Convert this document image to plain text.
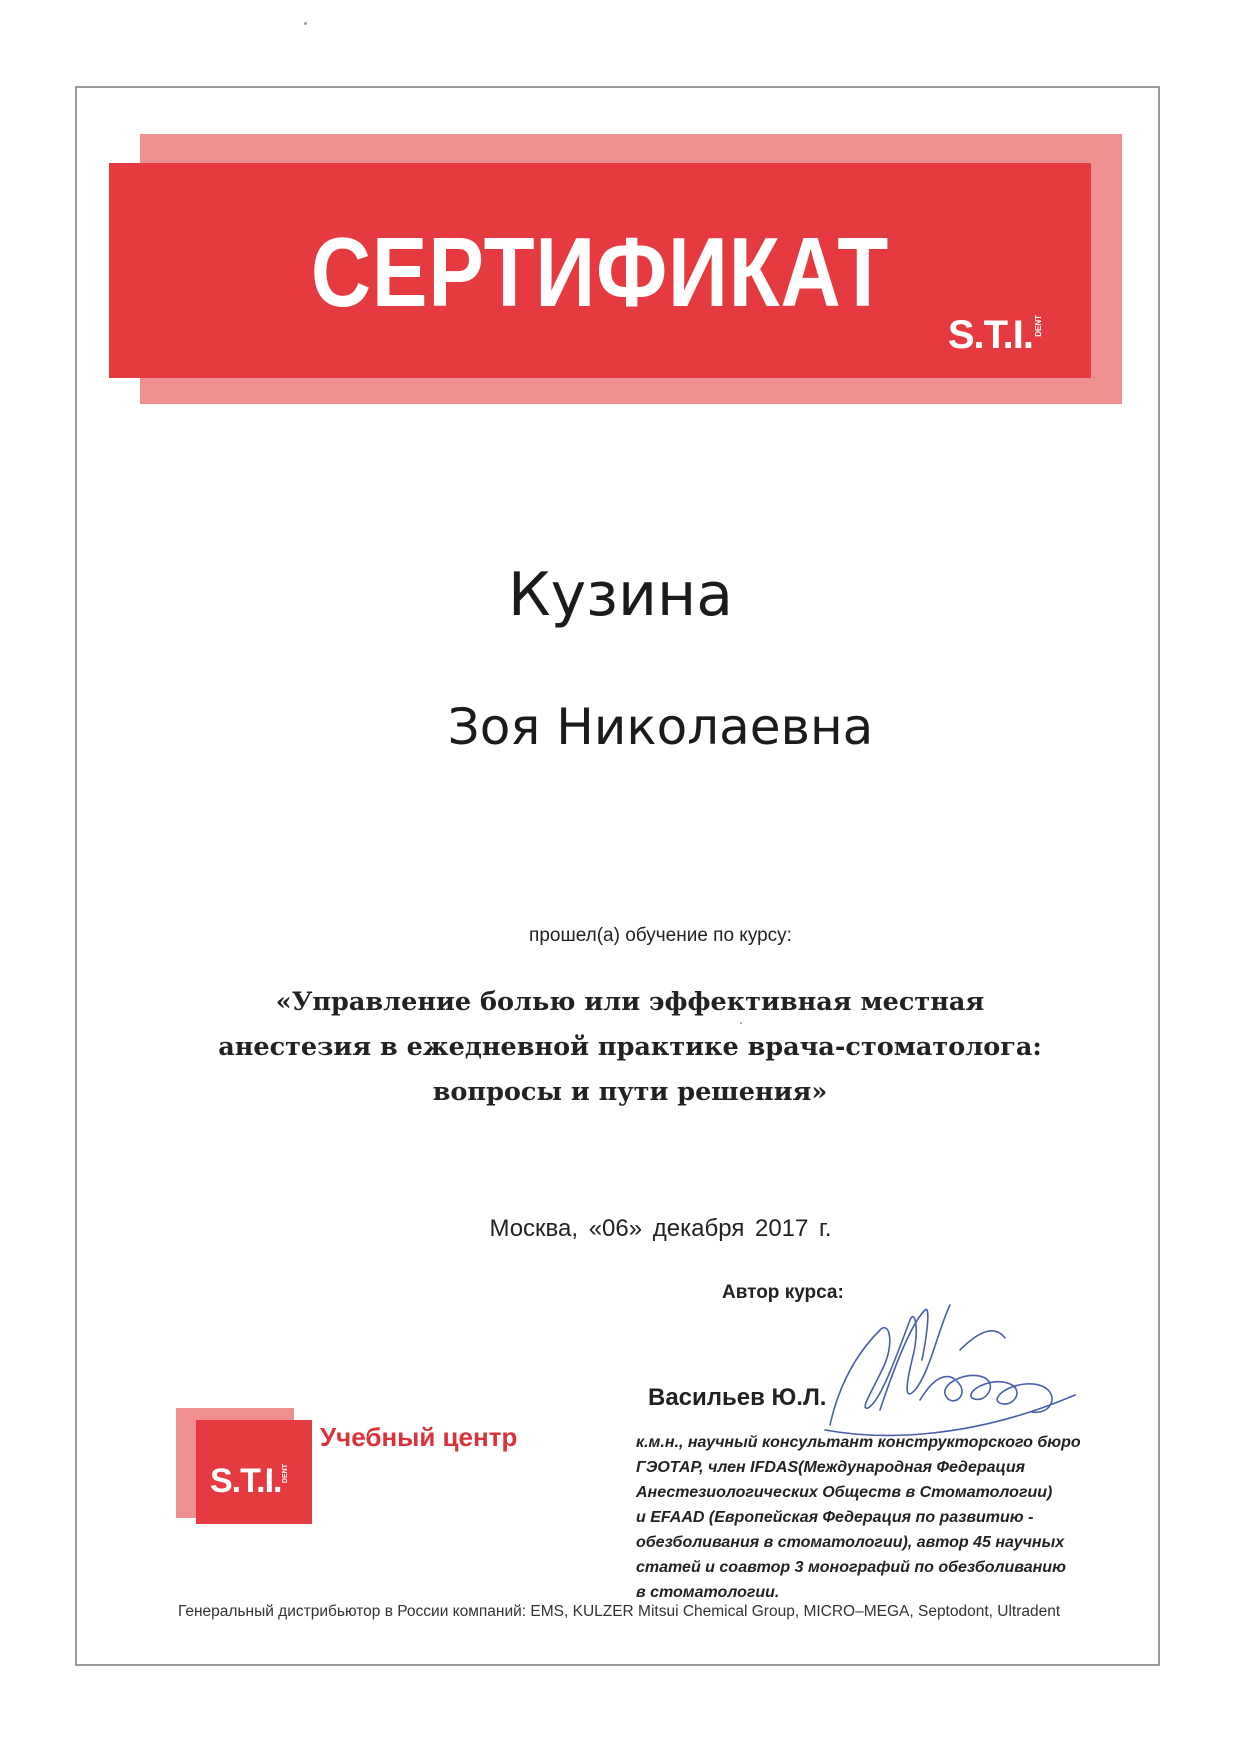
СЕРТИФИКАТ
S.T.I.DENT
Кузина
Зоя Николаевна
прошел(а) обучение по курсу:
«Управление болью или эффективная местная
анестезия в ежедневной практике врача-стоматолога:
вопросы и пути решения»
Москва, «06» декабря 2017 г.
Автор курса:
Васильев Ю.Л.
к.м.н., научный консультант конструкторского бюро
ГЭОТАР, член IFDAS(Международная Федерация
Анестезиологических Обществ в Стоматологии)
и EFAAD (Европейская Федерация по развитию -
обезболивания в стоматологии), автор 45 научных
статей и соавтор 3 монографий по обезболиванию
в стоматологии.
S.T.I.DENT
Учебный центр
Генеральный дистрибьютор в России компаний: EMS, KULZER Mitsui Chemical Group, MICRO–MEGA, Septodont, Ultradent
